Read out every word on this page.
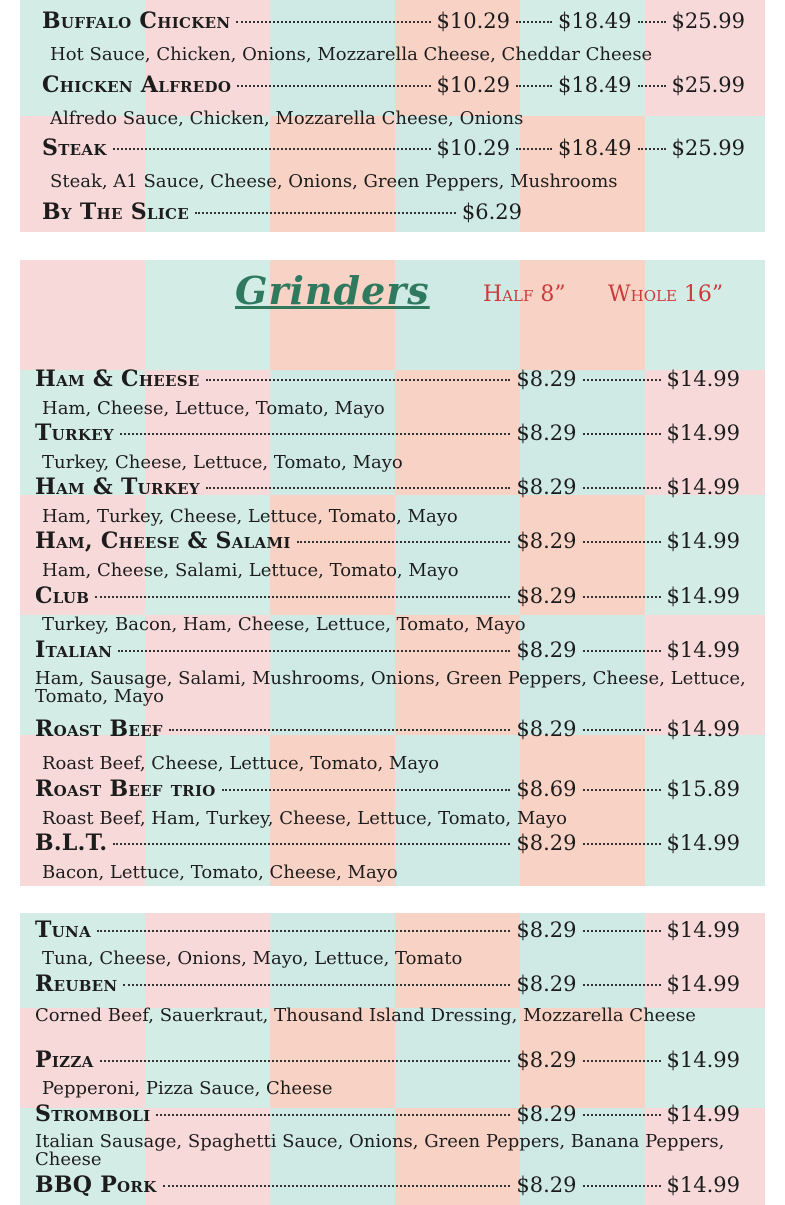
Buffalo Chicken	$10.29 $18.49 $25.99
Hot Sauce, Chicken, Onions, Mozzarella Cheese, Cheddar Cheese
Chicken Alfredo	$10.29 $18.49 $25.99
Alfredo Sauce, Chicken, Mozzarella Cheese, Onions
Steak	$10.29 $18.49 $25.99
Steak, A1 Sauce, Cheese, Onions, Green Peppers, Mushrooms
By The Slice	$6.29
Grinders Half 8” Whole 16”
Ham & Cheese	$8.29	$14.99
Ham, Cheese, Lettuce, Tomato, Mayo
Turkey	$8.29	$14.99
Turkey, Cheese, Lettuce, Tomato, Mayo
Ham & Turkey	$8.29	$14.99
Ham, Turkey, Cheese, Lettuce, Tomato, Mayo
Ham, Cheese & Salami	$8.29	$14.99
Ham, Cheese, Salami, Lettuce, Tomato, Mayo
Club	$8.29	$14.99
Turkey, Bacon, Ham, Cheese, Lettuce, Tomato, Mayo
Italian	$8.29	$14.99
Ham, Sausage, Salami, Mushrooms, Onions, Green Peppers, Cheese, Lettuce, Tomato, Mayo
Roast Beef	$8.29	$14.99
Roast Beef, Cheese, Lettuce, Tomato, Mayo
Roast Beef trio	$8.69	$15.89
Roast Beef, Ham, Turkey, Cheese, Lettuce, Tomato, Mayo
B.L.T.	$8.29	$14.99
Bacon, Lettuce, Tomato, Cheese, Mayo
Tuna	$8.29	$14.99
Tuna, Cheese, Onions, Mayo, Lettuce, Tomato
Reuben	$8.29	$14.99
Corned Beef, Sauerkraut, Thousand Island Dressing, Mozzarella Cheese
Pizza	$8.29	$14.99
Pepperoni, Pizza Sauce, Cheese
Stromboli	$8.29	$14.99
Italian Sausage, Spaghetti Sauce, Onions, Green Peppers, Banana Peppers, Cheese
BBQ Pork	$8.29	$14.99
